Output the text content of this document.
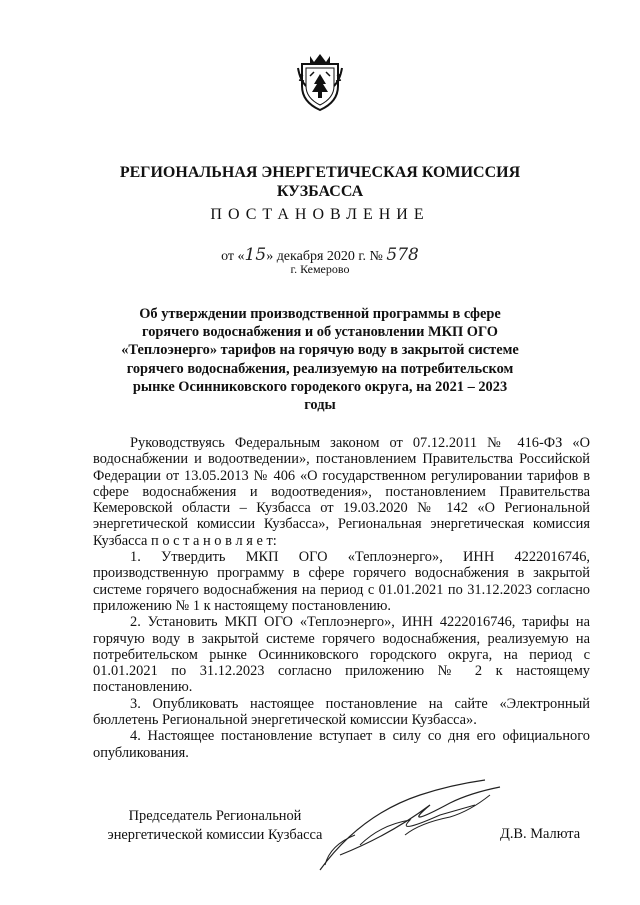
РЕГИОНАЛЬНАЯ ЭНЕРГЕТИЧЕСКАЯ КОМИССИЯ
КУЗБАССА
ПОСТАНОВЛЕНИЕ
от «15» декабря 2020 г. № 578
г. Кемерово
Об утверждении производственной программы в сфере горячего водоснабжения и об установлении МКП ОГО «Теплоэнерго» тарифов на горячую воду в закрытой системе горячего водоснабжения, реализуемую на потребительском рынке Осинниковского городекого округа, на 2021 – 2023 годы

Руководствуясь Федеральным законом от 07.12.2011 № 416-ФЗ «О водоснабжении и водоотведении», постановлением Правительства Российской Федерации от 13.05.2013 № 406 «О государственном регулировании тарифов в сфере водоснабжения и водоотведения», постановлением Правительства Кемеровской области – Кузбасса от 19.03.2020 № 142 «О Региональной энергетической комиссии Кузбасса», Региональная энергетическая комиссия Кузбасса п о с т а н о в л я е т:

1. Утвердить МКП ОГО «Теплоэнерго», ИНН 4222016746, производственную программу в сфере горячего водоснабжения в закрытой системе горячего водоснабжения на период с 01.01.2021 по 31.12.2023 согласно приложению № 1 к настоящему постановлению.

2. Установить МКП ОГО «Теплоэнерго», ИНН 4222016746, тарифы на горячую воду в закрытой системе горячего водоснабжения, реализуемую на потребительском рынке Осинниковского городского округа, на период с 01.01.2021 по 31.12.2023 согласно приложению № 2 к настоящему постановлению.

3. Опубликовать настоящее постановление на сайте «Электронный бюллетень Региональной энергетической комиссии Кузбасса».

4. Настоящее постановление вступает в силу со дня его официального опубликования.

Председатель Региональной
энергетической комиссии Кузбасса	Д.В. Малюта
